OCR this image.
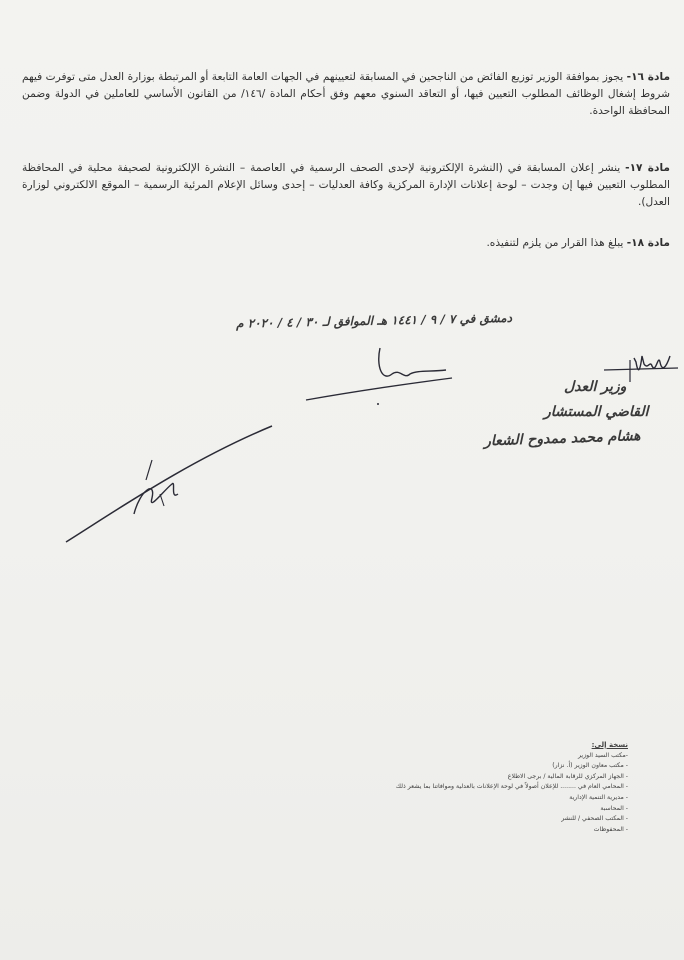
مادة ١٦- يجوز بموافقة الوزير توزيع الفائض من الناجحين في المسابقة لتعيينهم في الجهات العامة التابعة أو المرتبطة بوزارة العدل متى توفرت فيهم شروط إشغال الوظائف المطلوب التعيين فيها، أو التعاقد السنوي معهم وفق أحكام المادة /١٤٦/ من القانون الأساسي للعاملين في الدولة وضمن المحافظة الواحدة.
مادة ١٧- ينشر إعلان المسابقة في (النشرة الإلكترونية لإحدى الصحف الرسمية في العاصمة – النشرة الإلكترونية لصحيفة محلية في المحافظة المطلوب التعيين فيها إن وجدت – لوحة إعلانات الإدارة المركزية وكافة العدليات – إحدى وسائل الإعلام المرئية الرسمية – الموقع الالكتروني لوزارة العدل).
مادة ١٨- يبلغ هذا القرار من يلزم لتنفيذه.
دمشق في ٧ / ٩ / ١٤٤١ هـ الموافق لـ ٣٠ / ٤ / ٢٠٢٠ م
وزير العدل
القاضي المستشار
هشام محمد ممدوح الشعار
نسخة إلى:
-مكتب السيد الوزير
- مكتب معاون الوزير (أ. نزار)
- الجهاز المركزي للرقابة المالية / برجى الاطلاع
- المحامي العام في ........ للإعلان أصولاً في لوحة الإعلانات بالعدلية وموافاتنا بما يشعر ذلك
- مديرية التنمية الإدارية
- المحاسبة
- المكتب الصحفي / للنشر
- المحفوظات
